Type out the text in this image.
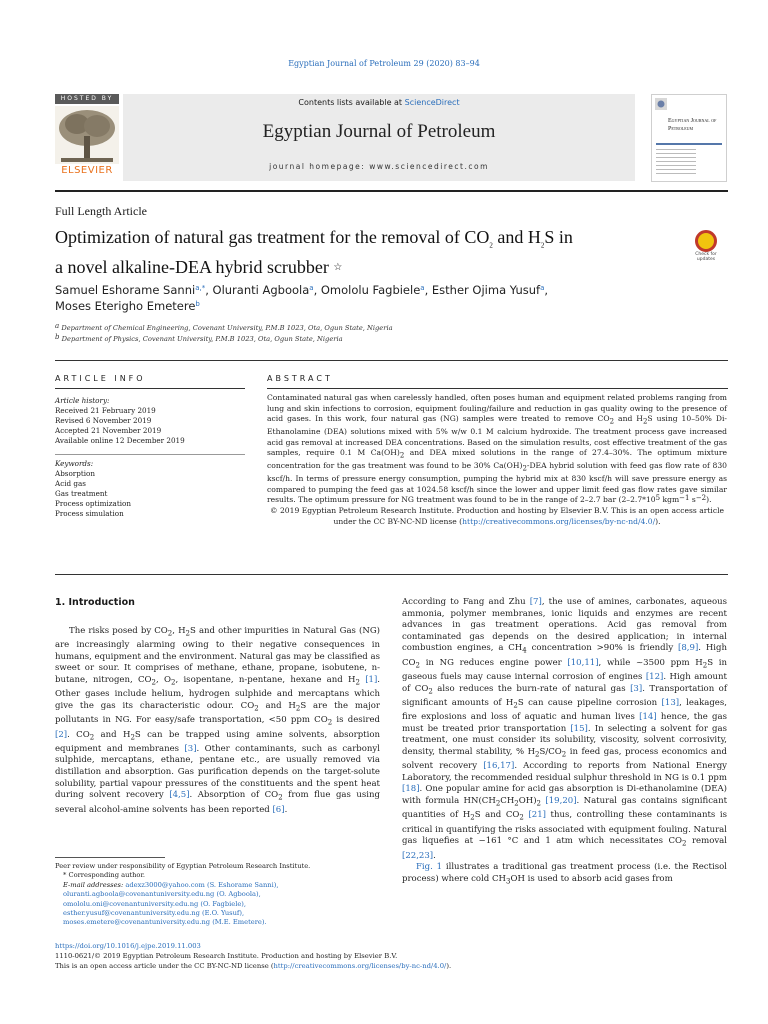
Egyptian Journal of Petroleum 29 (2020) 83–94
HOSTED BY
ELSEVIER
Contents lists available at ScienceDirect
Egyptian Journal of Petroleum
journal homepage: www.sciencedirect.com
Egyptian Journal of Petroleum
Full Length Article
Optimization of natural gas treatment for the removal of $CO_2$ and $H_2S$ in
a novel alkaline-DEA hybrid scrubber ☆
Check for updates
Samuel Eshorame Sanni$^{a,*}$, Oluranti Agboola$^a$, Omololu Fagbiele$^a$, Esther Ojima Yusuf$^a$,
Moses Eterigho Emetere$^b$
$^a$ Department of Chemical Engineering, Covenant University, P.M.B 1023, Ota, Ogun State, Nigeria
$^b$ Department of Physics, Covenant University, P.M.B 1023, Ota, Ogun State, Nigeria
ARTICLE INFO	ABSTRACT
Article history:
Received 21 February 2019
Revised 6 November 2019
Accepted 21 November 2019
Available online 12 December 2019
Keywords:
Absorption
Acid gas
Gas treatment
Process optimization
Process simulation
Contaminated natural gas when carelessly handled, often poses human and equipment related problems ranging from lung and skin infections to corrosion, equipment fouling/failure and reduction in gas quality owing to the presence of acid gases. In this work, four natural gas (NG) samples were treated to remove $CO_2$ and $H_2S$ using 10–50% Di-Ethanolamine (DEA) solutions mixed with 5% w/w 0.1 M calcium hydroxide. The treatment process gave increased acid gas removal at increased DEA concentrations. Based on the simulation results, cost effective treatment of the gas samples, require 0.1 M $Ca(OH)_2$ and DEA mixed solutions in the range of 27.4–30%. The optimum mixture concentration for the gas treatment was found to be 30% $Ca(OH)_2$-DEA hybrid solution with feed gas flow rate of 830 kscf/h. In terms of pressure energy consumption, pumping the hybrid mix at 830 kscf/h will save pressure energy as compared to pumping the feed gas at 1024.58 kscf/h since the lower and upper limit feed gas flow rates gave similar results. The optimum pressure for NG treatment was found to be in the range of 2–2.7 bar ($2-2.7*10^5$ kgm$^{-1}$ $s^{-2}$).
© 2019 Egyptian Petroleum Research Institute. Production and hosting by Elsevier B.V. This is an open access article under the CC BY-NC-ND license (http://creativecommons.org/licenses/by-nc-nd/4.0/).
1. Introduction

The risks posed by $CO_2$, $H_2S$ and other impurities in Natural Gas (NG) are increasingly alarming owing to their negative consequences in humans, equipment and the environment. Natural gas may be classified as sweet or sour. It comprises of methane, ethane, propane, isobutene, n-butane, nitrogen, $CO_2$, $O_2$, isopentane, n-pentane, hexane and $H_2$ [1]. Other gases include helium, hydrogen sulphide and mercaptans which give the gas its characteristic odour. $CO_2$ and $H_2S$ are the major pollutants in NG. For easy/safe transportation, <50 ppm $CO_2$ is desired [2]. $CO_2$ and $H_2S$ can be trapped using amine solvents, absorption equipment and membranes [3]. Other contaminants, such as carbonyl sulphide, mercaptans, ethane, pentane etc., are usually removed via distillation and absorption. Gas purification depends on the target-solute solubility, partial vapour pressures of the constituents and the spent heat during solvent recovery [4,5]. Absorption of $CO_2$ from flue gas using several alcohol-amine solvents has been reported [6].

According to Fang and Zhu [7], the use of amines, carbonates, aqueous ammonia, polymer membranes, ionic liquids and enzymes are recent advances in gas treatment operations. Acid gas removal from contaminated gas depends on the desired application; in internal combustion engines, a $CH_4$ concentration >90% is friendly [8,9]. High $CO_2$ in NG reduces engine power [10,11], while ~3500 ppm $H_2S$ in gaseous fuels may cause internal corrosion of engines [12]. High amount of $CO_2$ also reduces the burn-rate of natural gas [3]. Transportation of significant amounts of $H_2S$ can cause pipeline corrosion [13], leakages, fire explosions and loss of aquatic and human lives [14] hence, the gas must be treated prior transportation [15]. In selecting a solvent for gas treatment, one must consider its solubility, viscosity, solvent corrosivity, density, thermal stability, % $H_2S/CO_2$ in feed gas, process economics and solvent recovery [16,17]. According to reports from National Energy Laboratory, the recommended residual sulphur threshold in NG is 0.1 ppm [18]. One popular amine for acid gas absorption is Di-ethanolamine (DEA) with formula $HN(CH_2CH_2OH)_2$ [19,20]. Natural gas contains significant quantities of $H_2S$ and $CO_2$ [21] thus, controlling these contaminants is critical in quantifying the risks associated with equipment fouling. Natural gas liquefies at −161 °C and 1 atm which necessitates $CO_2$ removal [22,23].

Fig. 1 illustrates a traditional gas treatment process (i.e. the Rectisol process) where cold $CH_3OH$ is used to absorb acid gases from

Peer review under responsibility of Egyptian Petroleum Research Institute.
* Corresponding author.
E-mail addresses: adexz3000@yahoo.com (S. Eshorame Sanni), oluranti.agboola@covenantuniversity.edu.ng (O. Agboola), omololu.oni@covenantuniversity.edu.ng (O. Fagbiele), esther.yusuf@covenantuniversity.edu.ng (E.O. Yusuf), moses.emetere@covenantuniversity.edu.ng (M.E. Emetere).
https://doi.org/10.1016/j.ejpe.2019.11.003
1110-0621/© 2019 Egyptian Petroleum Research Institute. Production and hosting by Elsevier B.V.
This is an open access article under the CC BY-NC-ND license (http://creativecommons.org/licenses/by-nc-nd/4.0/).
